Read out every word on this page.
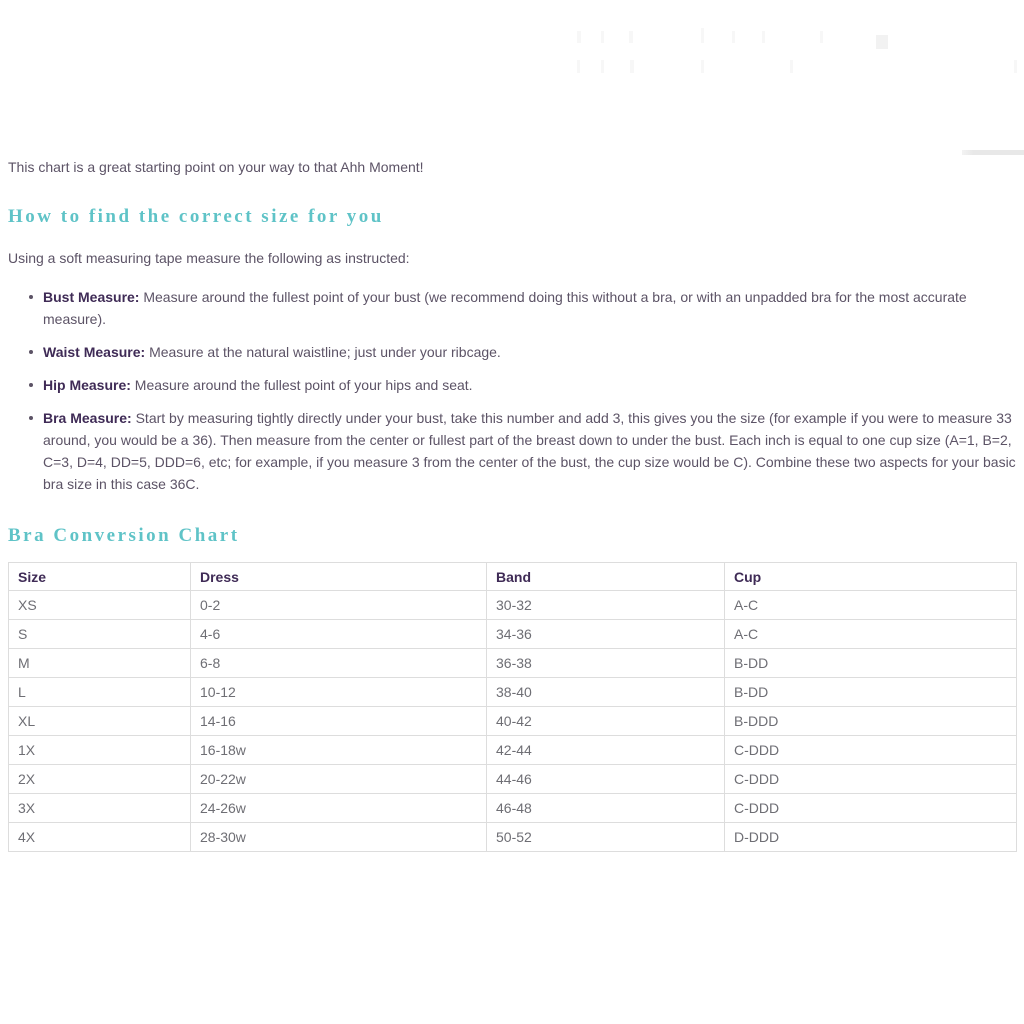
This chart is a great starting point on your way to that Ahh Moment!

How to find the correct size for you

Using a soft measuring tape measure the following as instructed:

Bust Measure: Measure around the fullest point of your bust (we recommend doing this without a bra, or with an unpadded bra for the most accurate measure).
Waist Measure: Measure at the natural waistline; just under your ribcage.
Hip Measure: Measure around the fullest point of your hips and seat.
Bra Measure: Start by measuring tightly directly under your bust, take this number and add 3, this gives you the size (for example if you were to measure 33 around, you would be a 36). Then measure from the center or fullest part of the breast down to under the bust. Each inch is equal to one cup size (A=1, B=2, C=3, D=4, DD=5, DDD=6, etc; for example, if you measure 3 from the center of the bust, the cup size would be C). Combine these two aspects for your basic bra size in this case 36C.
Bra Conversion Chart
Size	Dress	Band	Cup
XS	0-2	30-32	A-C
S	4-6	34-36	A-C
M	6-8	36-38	B-DD
L	10-12	38-40	B-DD
XL	14-16	40-42	B-DDD
1X	16-18w	42-44	C-DDD
2X	20-22w	44-46	C-DDD
3X	24-26w	46-48	C-DDD
4X	28-30w	50-52	D-DDD
